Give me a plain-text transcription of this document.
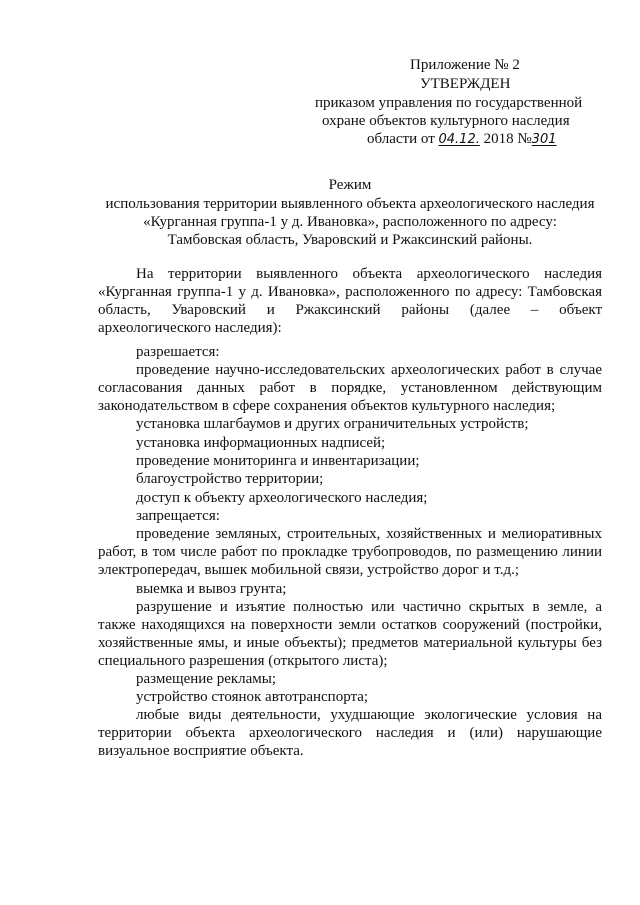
Приложение № 2
УТВЕРЖДЕН
приказом управления по государственной
охране объектов культурного наследия
области от 04.12. 2018 №301
Режим
использования территории выявленного объекта археологического наследия
«Курганная группа-1 у д. Ивановка», расположенного по адресу:
Тамбовская область, Уваровский и Ржаксинский районы.
На территории выявленного объекта археологического наследия
«Курганная группа-1 у д. Ивановка», расположенного по адресу: Тамбовская
область, Уваровский и Ржаксинский районы (далее – объект
археологического наследия):
разрешается:
проведение научно-исследовательских археологических работ в случае
согласования данных работ в порядке, установленном действующим
законодательством в сфере сохранения объектов культурного наследия;
установка шлагбаумов и других ограничительных устройств;
установка информационных надписей;
проведение мониторинга и инвентаризации;
благоустройство территории;
доступ к объекту археологического наследия;
запрещается:
проведение земляных, строительных, хозяйственных и мелиоративных
работ, в том числе работ по прокладке трубопроводов, по размещению линии
электропередач, вышек мобильной связи, устройство дорог и т.д.;
выемка и вывоз грунта;
разрушение и изъятие полностью или частично скрытых в земле, а
также находящихся на поверхности земли остатков сооружений (постройки,
хозяйственные ямы, и иные объекты); предметов материальной культуры без
специального разрешения (открытого листа);
размещение рекламы;
устройство стоянок автотранспорта;
любые виды деятельности, ухудшающие экологические условия на
территории объекта археологического наследия и (или) нарушающие
визуальное восприятие объекта.
